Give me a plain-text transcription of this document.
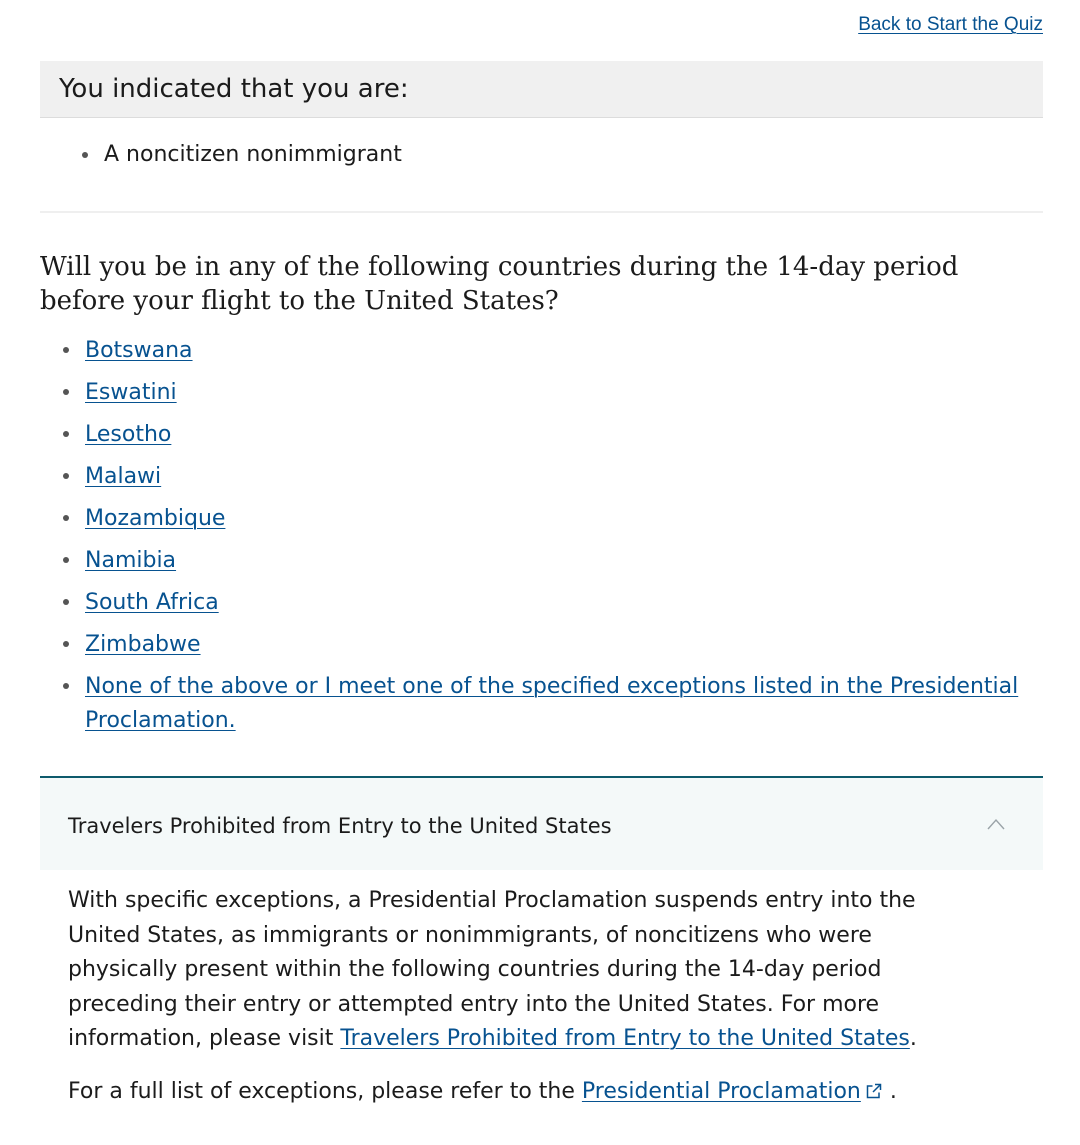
Back to Start the Quiz
You indicated that you are:
A noncitizen nonimmigrant
Will you be in any of the following countries during the 14-day period before your flight to the United States?
Botswana
Eswatini
Lesotho
Malawi
Mozambique
Namibia
South Africa
Zimbabwe
None of the above or I meet one of the specified exceptions listed in the Presidential Proclamation.
Travelers Prohibited from Entry to the United States

With specific exceptions, a Presidential Proclamation suspends entry into the United States, as immigrants or nonimmigrants, of noncitizens who were physically present within the following countries during the 14-day period preceding their entry or attempted entry into the United States. For more information, please visit Travelers Prohibited from Entry to the United States.

For a full list of exceptions, please refer to the Presidential Proclamation .
